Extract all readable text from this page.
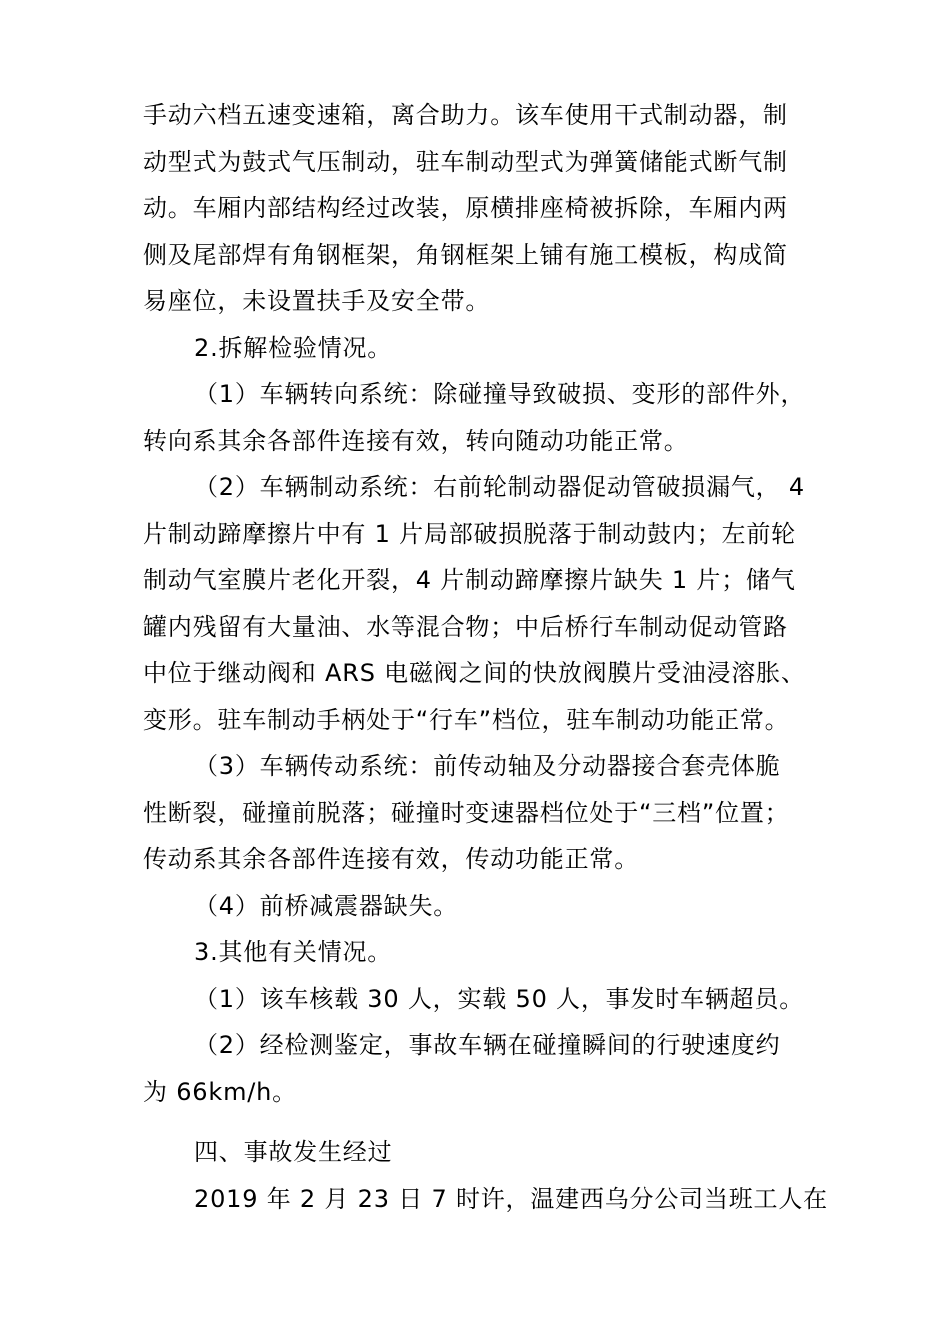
手动六档五速变速箱，离合助力。该车使用干式制动器，制
动型式为鼓式气压制动，驻车制动型式为弹簧储能式断气制
动。车厢内部结构经过改装，原横排座椅被拆除，车厢内两
侧及尾部焊有角钢框架，角钢框架上铺有施工模板，构成简
易座位，未设置扶手及安全带。
2.拆解检验情况。
（1）车辆转向系统：除碰撞导致破损、变形的部件外，
转向系其余各部件连接有效，转向随动功能正常。
（2）车辆制动系统：右前轮制动器促动管破损漏气， 4
片制动蹄摩擦片中有 1 片局部破损脱落于制动鼓内；左前轮
制动气室膜片老化开裂，4 片制动蹄摩擦片缺失 1 片；储气
罐内残留有大量油、水等混合物；中后桥行车制动促动管路
中位于继动阀和 ARS 电磁阀之间的快放阀膜片受油浸溶胀、
变形。驻车制动手柄处于“行车”档位，驻车制动功能正常。
（3）车辆传动系统：前传动轴及分动器接合套壳体脆
性断裂，碰撞前脱落；碰撞时变速器档位处于“三档”位置；
传动系其余各部件连接有效，传动功能正常。
（4）前桥减震器缺失。
3.其他有关情况。
（1）该车核载 30 人，实载 50 人，事发时车辆超员。
（2）经检测鉴定，事故车辆在碰撞瞬间的行驶速度约
为 66km/h。
四、事故发生经过
2019 年 2 月 23 日 7 时许，温建西乌分公司当班工人在
